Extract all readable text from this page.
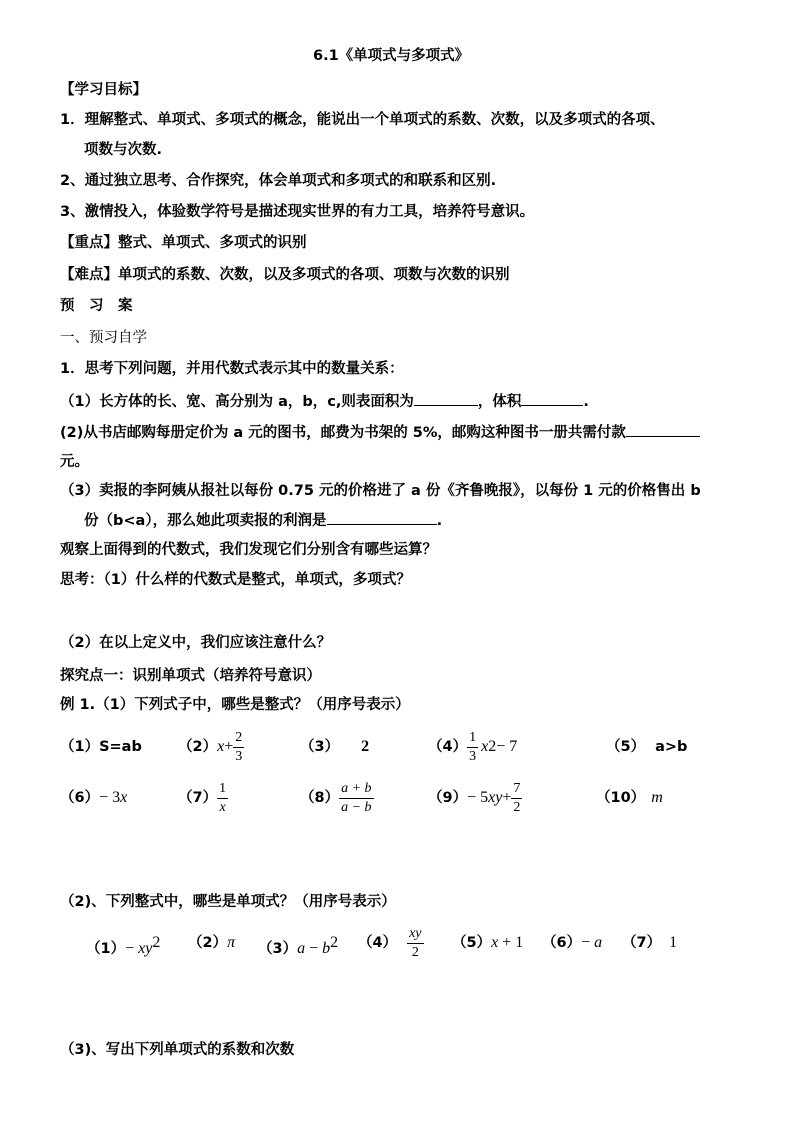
6.1《单项式与多项式》
【学习目标】
1．理解整式、单项式、多项式的概念，能说出一个单项式的系数、次数，以及多项式的各项、
项数与次数.
2、通过独立思考、合作探究，体会单项式和多项式的和联系和区别.
3、激情投入，体验数学符号是描述现实世界的有力工具，培养符号意识。
【重点】整式、单项式、多项式的识别
【难点】单项式的系数、次数，以及多项式的各项、项数与次数的识别
预　习　案
一、预习自学
1．思考下列问题，并用代数式表示其中的数量关系：
（1）长方体的长、宽、高分别为 a，b，c,则表面积为	，体积	.
(2)从书店邮购每册定价为 a 元的图书，邮费为书架的 5%，邮购这种图书一册共需付款
元。
（3）卖报的李阿姨从报社以每份 0.75 元的价格进了 a 份《齐鲁晚报》，以每份 1 元的价格售出 b
份（b<a），那么她此项卖报的利润是	.
观察上面得到的代数式，我们发现它们分别含有哪些运算？
思考：（1）什么样的代数式是整式，单项式，多项式？
（2）在以上定义中，我们应该注意什么？
探究点一：识别单项式（培养符号意识）
例 1.（1）下列式子中，哪些是整式？（用序号表示）
（1）S=ab （2） $x + \frac{2}{3}$	（3） 2	$(4) \frac{1}{3}$ x 2 − 7	（5） a>b
（6）− 3x	$(7) \frac{1}{x}$	$(8) \frac{a + b}{a - b}$	（9） − 5 xy + $\frac{7}{2}$	（10） m
（2)、下列整式中，哪些是单项式？（用序号表示）
$(1)- xy^2$ （2）π $(3)a - b^2$ $(4) \frac{xy}{2} (5)x + 1$ （6）− a （7） 1
（3)、写出下列单项式的系数和次数
